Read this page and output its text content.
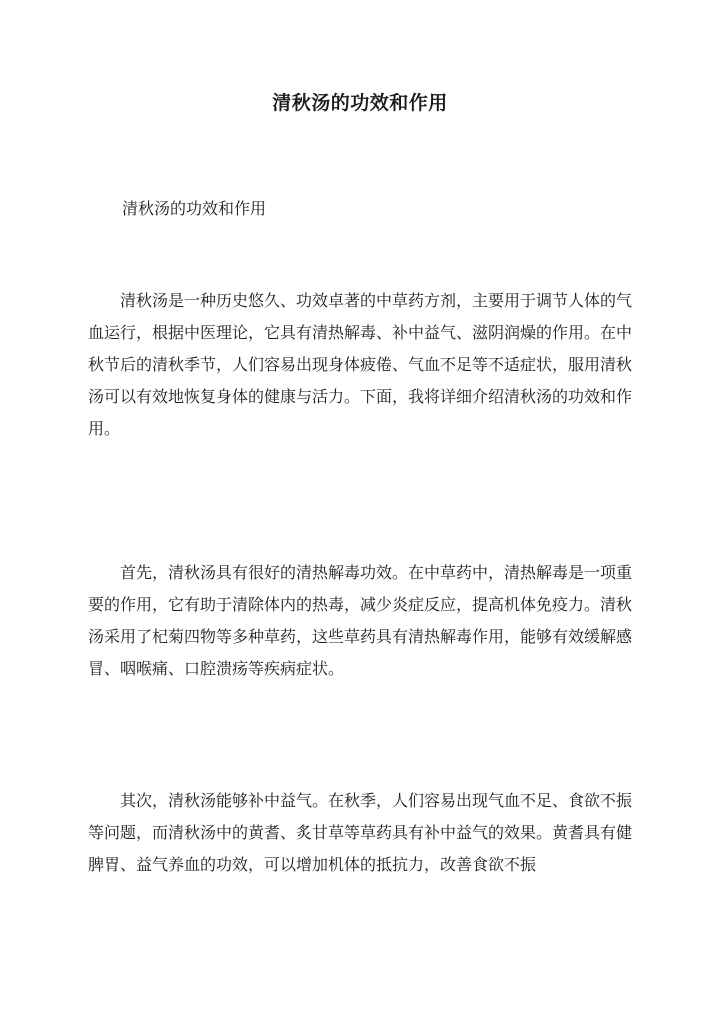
清秋汤的功效和作用

清秋汤的功效和作用

清秋汤是一种历史悠久、功效卓著的中草药方剂，主要用于调节人体的气血运行，根据中医理论，它具有清热解毒、补中益气、滋阴润燥的作用。在中秋节后的清秋季节，人们容易出现身体疲倦、气血不足等不适症状，服用清秋汤可以有效地恢复身体的健康与活力。下面，我将详细介绍清秋汤的功效和作用。

首先，清秋汤具有很好的清热解毒功效。在中草药中，清热解毒是一项重要的作用，它有助于清除体内的热毒，减少炎症反应，提高机体免疫力。清秋汤采用了杞菊四物等多种草药，这些草药具有清热解毒作用，能够有效缓解感冒、咽喉痛、口腔溃疡等疾病症状。

其次，清秋汤能够补中益气。在秋季，人们容易出现气血不足、食欲不振等问题，而清秋汤中的黄耆、炙甘草等草药具有补中益气的效果。黄耆具有健脾胃、益气养血的功效，可以增加机体的抵抗力，改善食欲不振
